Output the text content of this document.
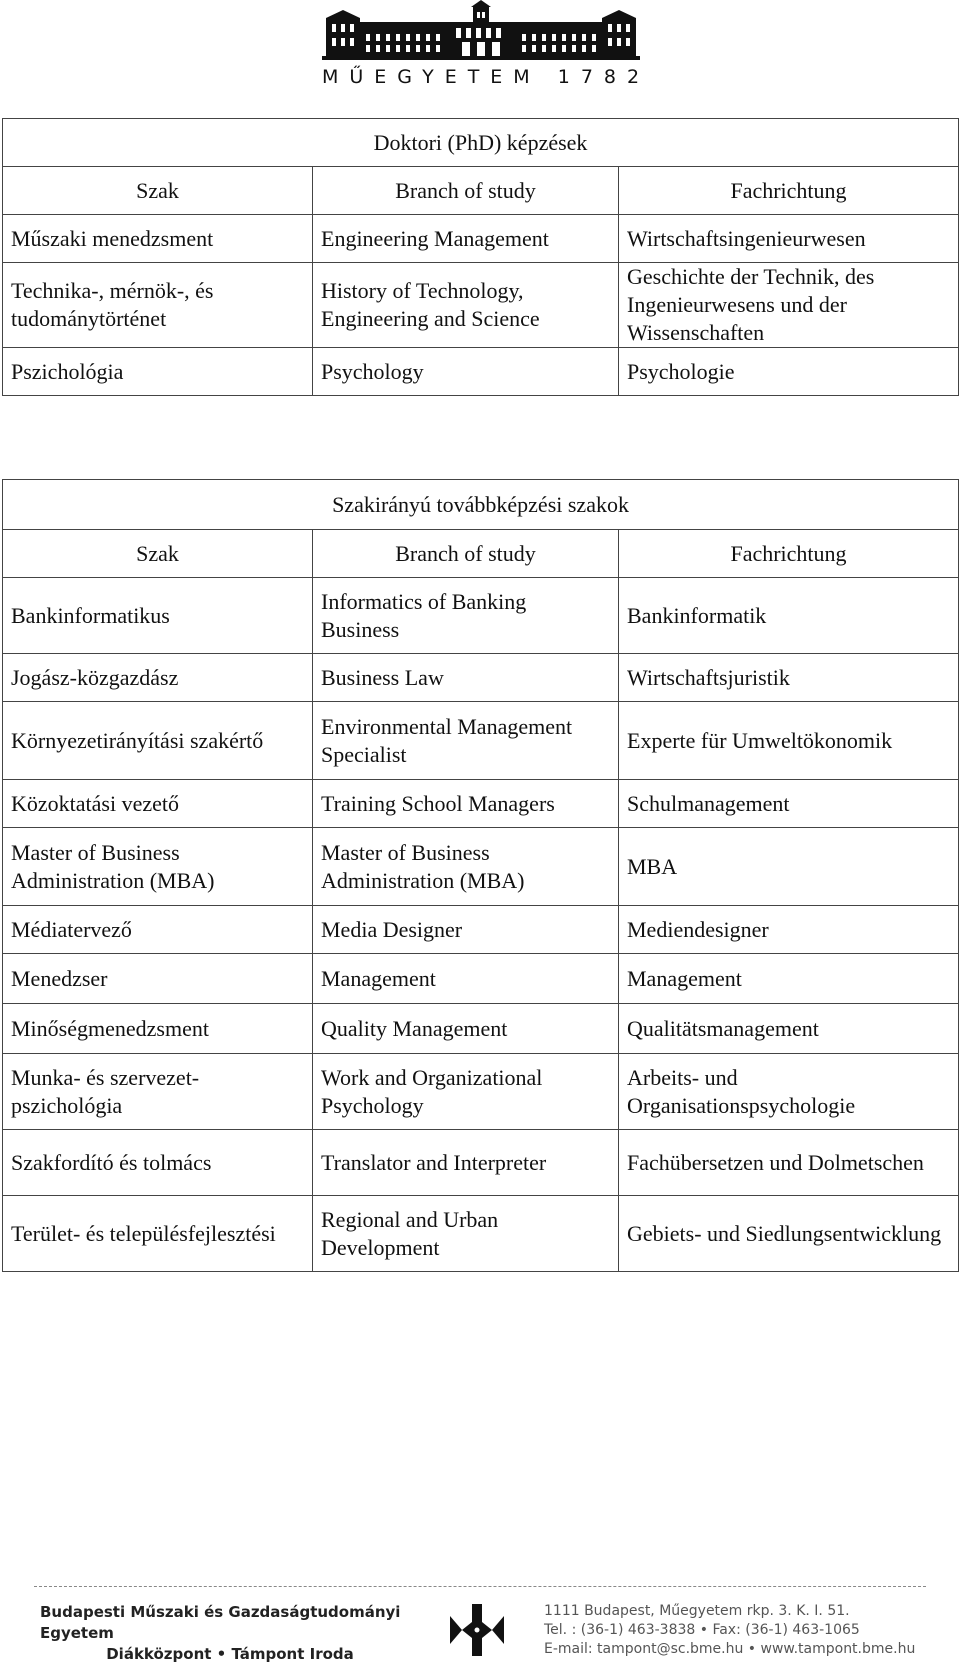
MŰEGYETEM 1782
Doktori (PhD) képzések		
Szak	Branch of study	Fachrichtung
Műszaki menedzsment	Engineering Management	Wirtschaftsingenieurwesen
Technika-, mérnök-, és tudománytörténet	History of Technology, Engineering and Science	Geschichte der Technik, des Ingenieurwesens und der Wissenschaften
Pszichológia	Psychology	Psychologie
Szakirányú továbbképzési szakok		
Szak	Branch of study	Fachrichtung
Bankinformatikus	Informatics of Banking Business	Bankinformatik
Jogász-közgazdász	Business Law	Wirtschaftsjuristik
Környezetirányítási szakértő	Environmental Management Specialist	Experte für Umweltökonomik
Közoktatási vezető	Training School Managers	Schulmanagement
Master of Business Administration (MBA)	Master of Business Administration (MBA)	MBA
Médiatervező	Media Designer	Mediendesigner
Menedzser	Management	Management
Minőségmenedzsment	Quality Management	Qualitätsmanagement
Munka- és szervezet-pszichológia	Work and Organizational Psychology	Arbeits- und Organisationspsychologie
Szakfordító és tolmács	Translator and Interpreter	Fachübersetzen und Dolmetschen
Terület- és településfejlesztési	Regional and Urban Development	Gebiets- und Siedlungsentwicklung
Budapesti Műszaki és Gazdaságtudományi Egyetem
Diákközpont • Támpont Iroda
1111 Budapest, Műegyetem rkp. 3. K. I. 51.
Tel. : (36-1) 463-3838 • Fax: (36-1) 463-1065
E-mail: tampont@sc.bme.hu • www.tampont.bme.hu
